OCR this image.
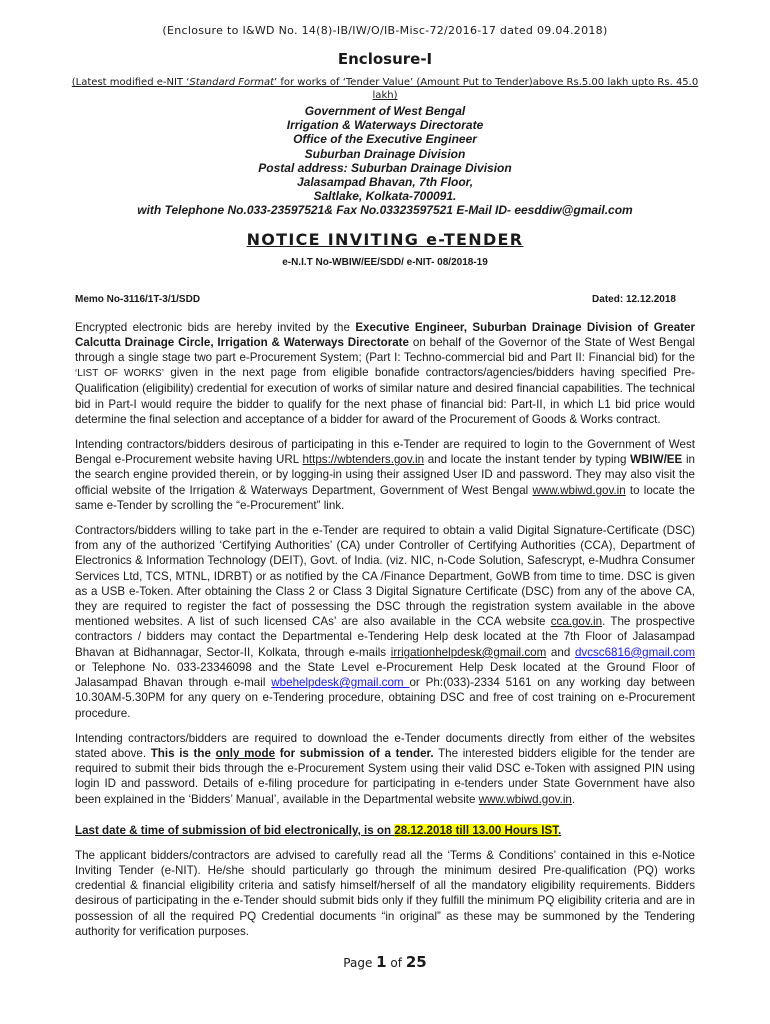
(Enclosure to I&WD No. 14(8)-IB/IW/O/IB-Misc-72/2016-17 dated 09.04.2018)
Enclosure-I
(Latest modified e-NIT ‘Standard Format’ for works of ‘Tender Value’ (Amount Put to Tender)above Rs.5.00 lakh upto Rs. 45.0 lakh)
Government of West Bengal
Irrigation & Waterways Directorate
Office of the Executive Engineer
Suburban Drainage Division
Postal address: Suburban Drainage Division
Jalasampad Bhavan, 7th Floor,
Saltlake, Kolkata-700091.
with Telephone No.033-23597521& Fax No.03323597521 E-Mail ID- eesddiw@gmail.com
NOTICE INVITING e-TENDER
e-N.I.T No-WBIW/EE/SDD/ e-NIT- 08/2018-19
Memo No-3116/1T-3/1/SDD	Dated: 12.12.2018
Encrypted electronic bids are hereby invited by the Executive Engineer, Suburban Drainage Division of Greater Calcutta Drainage Circle, Irrigation & Waterways Directorate on behalf of the Governor of the State of West Bengal through a single stage two part e-Procurement System; (Part I: Techno-commercial bid and Part II: Financial bid) for the ‘LIST OF WORKS’ given in the next page from eligible bonafide contractors/agencies/bidders having specified Pre-Qualification (eligibility) credential for execution of works of similar nature and desired financial capabilities. The technical bid in Part-I would require the bidder to qualify for the next phase of financial bid: Part-II, in which L1 bid price would determine the final selection and acceptance of a bidder for award of the Procurement of Goods & Works contract.
Intending contractors/bidders desirous of participating in this e-Tender are required to login to the Government of West Bengal e-Procurement website having URL https://wbtenders.gov.in and locate the instant tender by typing WBIW/EE in the search engine provided therein, or by logging-in using their assigned User ID and password. They may also visit the official website of the Irrigation & Waterways Department, Government of West Bengal www.wbiwd.gov.in to locate the same e-Tender by scrolling the “e-Procurement” link.
Contractors/bidders willing to take part in the e-Tender are required to obtain a valid Digital Signature-Certificate (DSC) from any of the authorized ‘Certifying Authorities’ (CA) under Controller of Certifying Authorities (CCA), Department of Electronics & Information Technology (DEIT), Govt. of India. (viz. NIC, n-Code Solution, Safescrypt, e-Mudhra Consumer Services Ltd, TCS, MTNL, IDRBT) or as notified by the CA /Finance Department, GoWB from time to time. DSC is given as a USB e-Token. After obtaining the Class 2 or Class 3 Digital Signature Certificate (DSC) from any of the above CA, they are required to register the fact of possessing the DSC through the registration system available in the above mentioned websites. A list of such licensed CAs’ are also available in the CCA website cca.gov.in. The prospective contractors / bidders may contact the Departmental e-Tendering Help desk located at the 7th Floor of Jalasampad Bhavan at Bidhannagar, Sector-II, Kolkata, through e-mails irrigationhelpdesk@gmail.com and dvcsc6816@gmail.com or Telephone No. 033-23346098 and the State Level e-Procurement Help Desk located at the Ground Floor of Jalasampad Bhavan through e-mail wbehelpdesk@gmail.com or Ph:(033)-2334 5161 on any working day between 10.30AM-5.30PM for any query on e-Tendering procedure, obtaining DSC and free of cost training on e-Procurement procedure.
Intending contractors/bidders are required to download the e-Tender documents directly from either of the websites stated above. This is the only mode for submission of a tender. The interested bidders eligible for the tender are required to submit their bids through the e-Procurement System using their valid DSC e-Token with assigned PIN using login ID and password. Details of e-filing procedure for participating in e-tenders under State Government have also been explained in the ‘Bidders’ Manual’, available in the Departmental website www.wbiwd.gov.in.
Last date & time of submission of bid electronically, is on 28.12.2018 till 13.00 Hours IST.
The applicant bidders/contractors are advised to carefully read all the ‘Terms & Conditions’ contained in this e-Notice Inviting Tender (e-NIT). He/she should particularly go through the minimum desired Pre-qualification (PQ) works credential & financial eligibility criteria and satisfy himself/herself of all the mandatory eligibility requirements. Bidders desirous of participating in the e-Tender should submit bids only if they fulfill the minimum PQ eligibility criteria and are in possession of all the required PQ Credential documents “in original” as these may be summoned by the Tendering authority for verification purposes.
Page 1 of 25
